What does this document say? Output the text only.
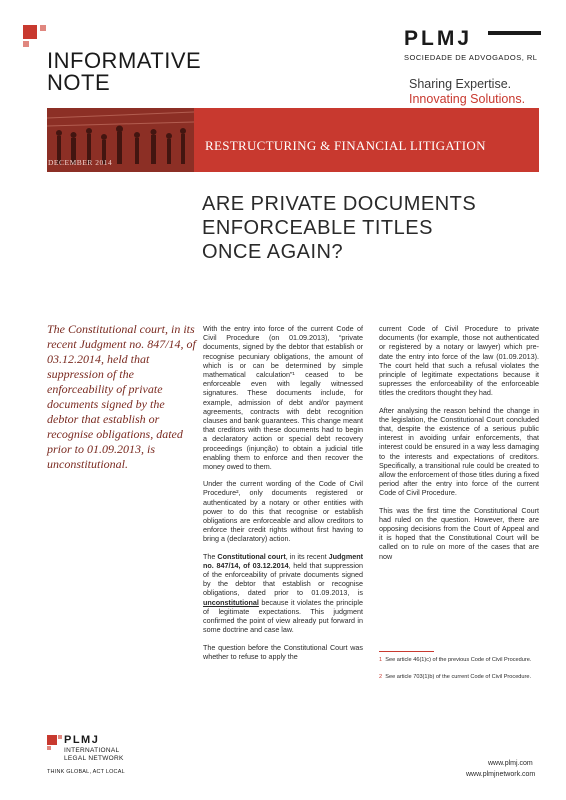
INFORMATIVE
NOTE
PLMJ
SOCIEDADE DE ADVOGADOS, RL
Sharing Expertise.
Innovating Solutions.
RESTRUCTURING & FINANCIAL LITIGATION
DECEMBER 2014
ARE PRIVATE DOCUMENTS
ENFORCEABLE TITLES
ONCE AGAIN?
The Constitutional court, in its recent Judgment no. 847/14, of 03.12.2014, held that suppression of the enforceability of private documents signed by the debtor that establish or recognise obligations, dated prior to 01.09.2013, is unconstitutional.

With the entry into force of the current Code of Civil Procedure (on 01.09.2013), “private documents, signed by the debtor that establish or recognise pecuniary obligations, the amount of which is or can be determined by simple mathematical calculation”¹ ceased to be enforceable even with legally witnessed signatures. These documents include, for example, admission of debt and/or payment agreements, contracts with debt recognition clauses and bank guarantees. This change meant that creditors with these documents had to begin a declaratory action or special debt recovery proceedings (injunção) to obtain a judicial title enabling them to enforce and then recover the money owed to them.

Under the current wording of the Code of Civil Procedure², only documents registered or authenticated by a notary or other entities with power to do this that recognise or establish obligations are enforceable and allow creditors to enforce their credit rights without first having to bring a (declaratory) action.

The Constitutional court, in its recent Judgment no. 847/14, of 03.12.2014, held that suppression of the enforceability of private documents signed by the debtor that establish or recognise obligations, dated prior to 01.09.2013, is unconstitutional because it violates the principle of legitimate expectations. This judgment confirmed the point of view already put forward in some doctrine and case law.

The question before the Constitutional Court was whether to refuse to apply the

current Code of Civil Procedure to private documents (for example, those not authenticated or registered by a notary or lawyer) which pre-date the entry into force of the law (01.09.2013). The court held that such a refusal violates the principle of legitimate expectations because it supresses the enforceability of the enforceable titles the creditors thought they had.

After analysing the reason behind the change in the legislation, the Constitutional Court concluded that, despite the existence of a serious public interest in avoiding unfair enforcements, that interest could be ensured in a way less damaging to the interests and expectations of creditors. Specifically, a transitional rule could be created to allow the enforcement of those titles during a fixed period after the entry into force of the current Code of Civil Procedure.

This was the first time the Constitutional Court had ruled on the question. However, there are opposing decisions from the Court of Appeal and it is hoped that the Constitutional Court will be called on to rule on more of the cases that are now

1 See article 46(1)c) of the previous Code of Civil Procedure.
2 See article 703(1)b) of the current Code of Civil Procedure.
PLMJ
INTERNATIONAL
LEGAL NETWORK
THINK GLOBAL, ACT LOCAL
www.plmj.com
www.plmjnetwork.com
